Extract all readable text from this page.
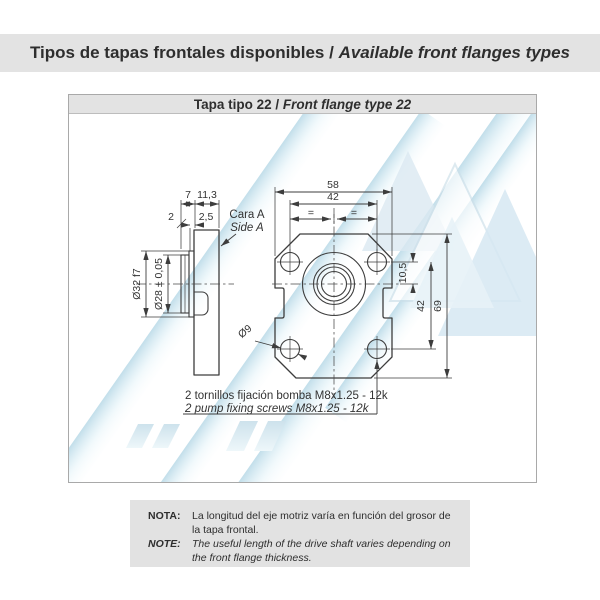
Tipos de tapas frontales disponibles / Available front flanges types
Tapa tipo 22 / Front flange type 22
7 11,3
2 2,5
Ø32 f7 Ø28 ± 0,05
Cara A
Side A
58
42
=	=
10,5
42 69
Ø9
2 tornillos fijación bomba M8x1.25 - 12k
2 pump fixing screws M8x1.25 - 12k
NOTA:	La longitud del eje motriz varía en función del grosor de
la tapa frontal.
NOTE:	The useful length of the drive shaft varies depending on
the front flange thickness.
